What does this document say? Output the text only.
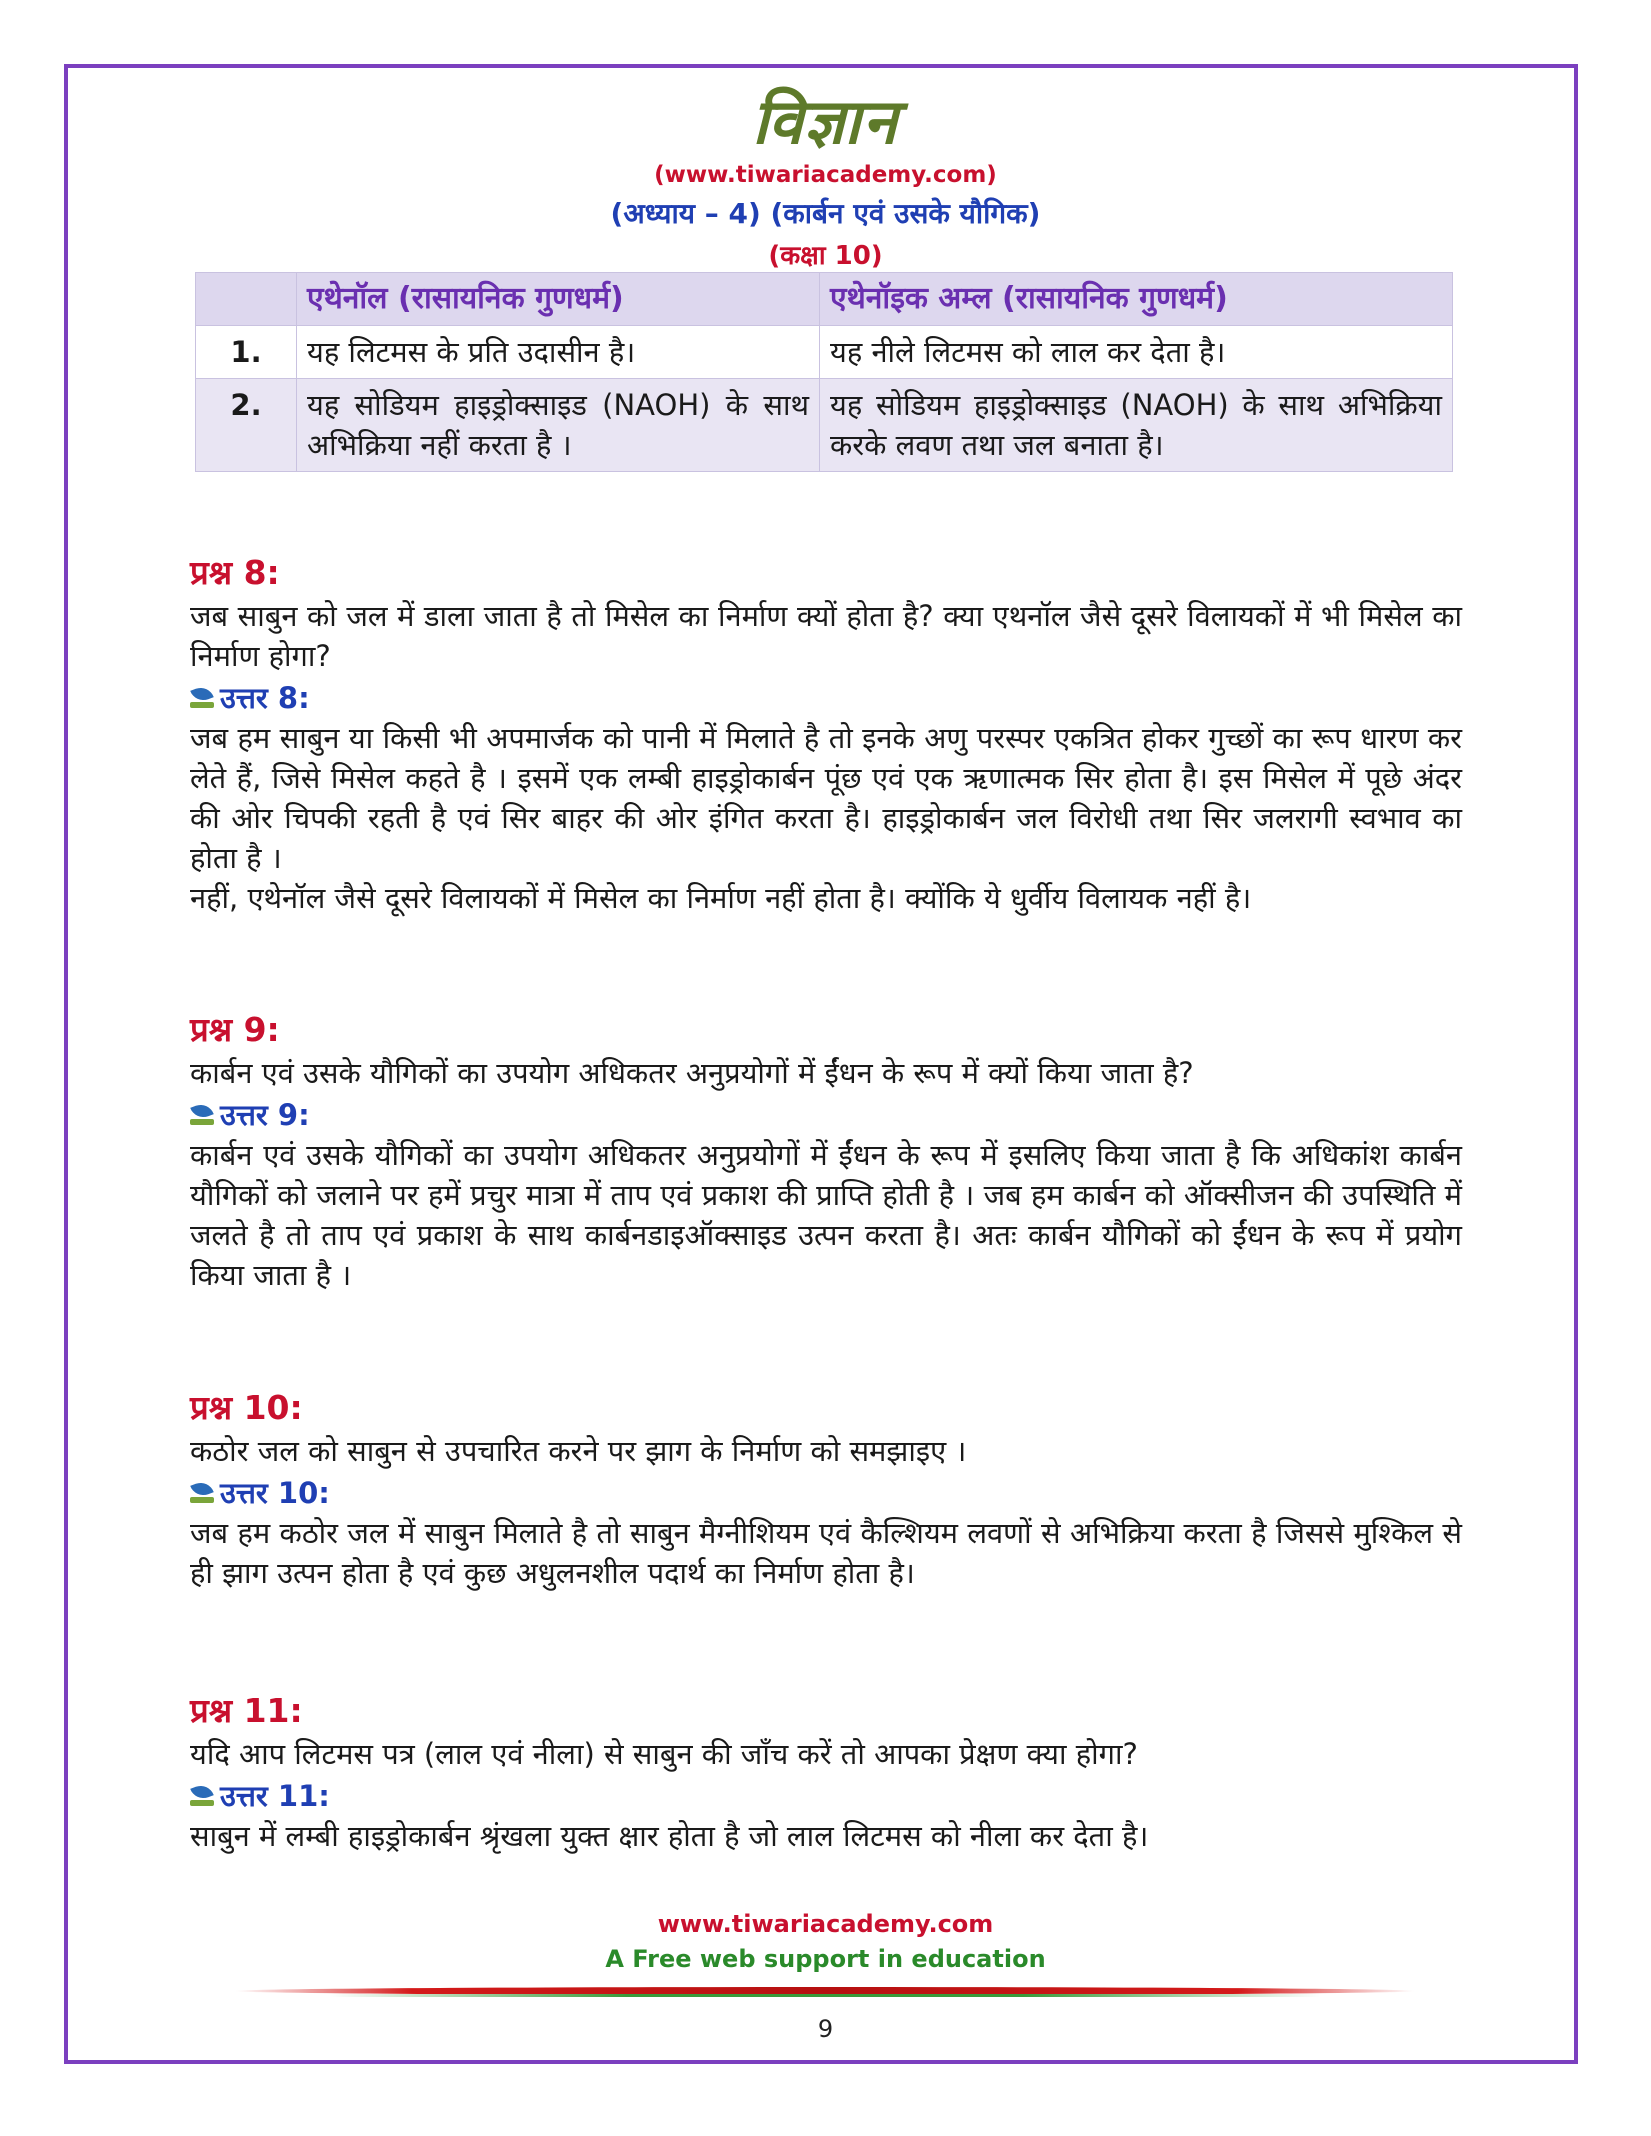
विज्ञान
(www.tiwariacademy.com)
(अध्याय – 4) (कार्बन एवं उसके यौगिक)
(कक्षा 10)
	एथेनॉल (रासायनिक गुणधर्म)	एथेनॉइक अम्ल (रासायनिक गुणधर्म)
1.	यह लिटमस के प्रति उदासीन है।	यह नीले लिटमस को लाल कर देता है।
2.	यह सोडियम हाइड्रोक्साइड (NAOH) के साथ अभिक्रिया नहीं करता है ।	यह सोडियम हाइड्रोक्साइड (NAOH) के साथ अभिक्रिया करके लवण तथा जल बनाता है।

प्रश्न 8:

जब साबुन को जल में डाला जाता है तो मिसेल का निर्माण क्यों होता है? क्या एथनॉल जैसे दूसरे विलायकों में भी मिसेल का निर्माण होगा?

उत्तर 8:

जब हम साबुन या किसी भी अपमार्जक को पानी में मिलाते है तो इनके अणु परस्पर एकत्रित होकर गुच्छों का रूप धारण कर लेते हैं, जिसे मिसेल कहते है । इसमें एक लम्बी हाइड्रोकार्बन पूंछ एवं एक ऋणात्मक सिर होता है। इस मिसेल में पूछे अंदर की ओर चिपकी रहती है एवं सिर बाहर की ओर इंगित करता है। हाइड्रोकार्बन जल विरोधी तथा सिर जलरागी स्वभाव का होता है ।

नहीं, एथेनॉल जैसे दूसरे विलायकों में मिसेल का निर्माण नहीं होता है। क्योंकि ये धुर्वीय विलायक नहीं है।

प्रश्न 9:

कार्बन एवं उसके यौगिकों का उपयोग अधिकतर अनुप्रयोगों में ईंधन के रूप में क्यों किया जाता है?

उत्तर 9:

कार्बन एवं उसके यौगिकों का उपयोग अधिकतर अनुप्रयोगों में ईंधन के रूप में इसलिए किया जाता है कि अधिकांश कार्बन यौगिकों को जलाने पर हमें प्रचुर मात्रा में ताप एवं प्रकाश की प्राप्ति होती है । जब हम कार्बन को ऑक्सीजन की उपस्थिति में जलते है तो ताप एवं प्रकाश के साथ कार्बनडाइऑक्साइड उत्पन करता है। अतः कार्बन यौगिकों को ईंधन के रूप में प्रयोग किया जाता है ।

प्रश्न 10:

कठोर जल को साबुन से उपचारित करने पर झाग के निर्माण को समझाइए ।

उत्तर 10:

जब हम कठोर जल में साबुन मिलाते है तो साबुन मैग्नीशियम एवं कैल्शियम लवणों से अभिक्रिया करता है जिससे मुश्किल से ही झाग उत्पन होता है एवं कुछ अधुलनशील पदार्थ का निर्माण होता है।

प्रश्न 11:

यदि आप लिटमस पत्र (लाल एवं नीला) से साबुन की जाँच करें तो आपका प्रेक्षण क्या होगा?

उत्तर 11:

साबुन में लम्बी हाइड्रोकार्बन श्रृंखला युक्त क्षार होता है जो लाल लिटमस को नीला कर देता है।

www.tiwariacademy.com
A Free web support in education
9
